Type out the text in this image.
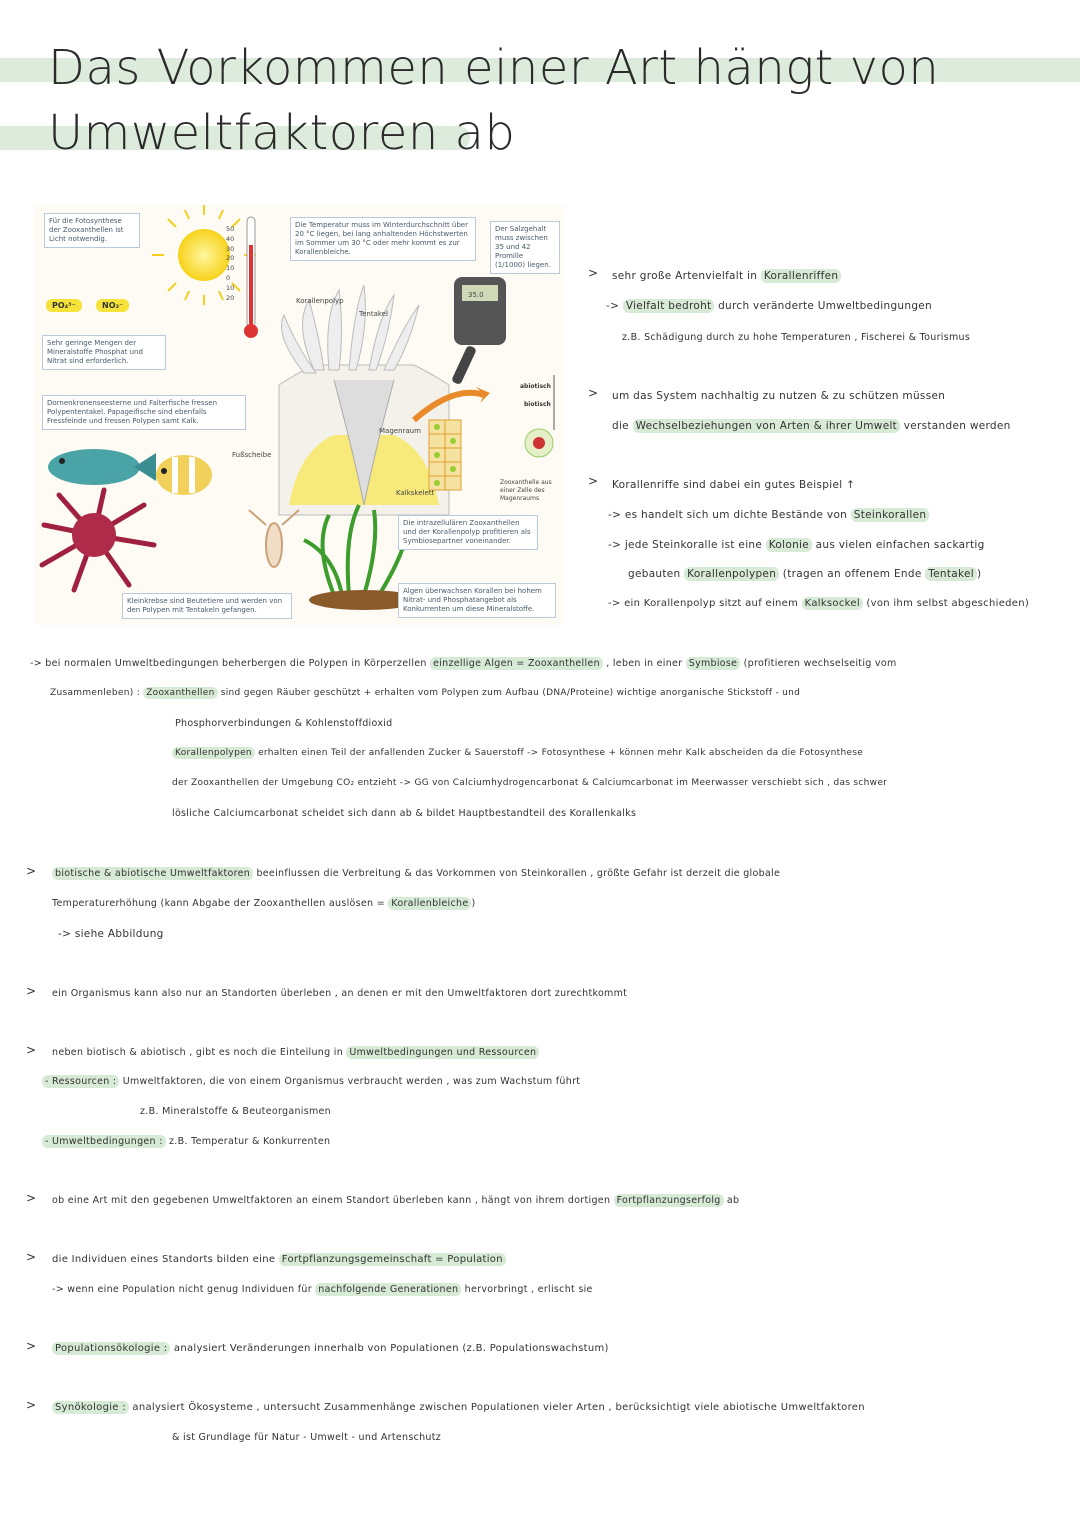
Das Vorkommen einer Art hängt von
Umweltfaktoren ab
Für die Fotosynthese der Zooxanthellen ist Licht notwendig.
50
40
30
20
10
0
10
20
Die Temperatur muss im Winterdurchschnitt über 20 °C liegen, bei lang anhaltenden Höchstwerten im Sommer um 30 °C oder mehr kommt es zur Korallenbleiche.
Der Salzgehalt muss zwischen 35 und 42 Promille (1/1000) liegen.
35.0
PO₄³⁻	NO₃⁻
Sehr geringe Mengen der Mineralstoffe Phosphat und Nitrat sind erforderlich.
Dornenkronenseesterne und Falterfische fressen Polypententakel. Papageifische sind ebenfalls Fressfeinde und fressen Polypen samt Kalk.
Korallenpolyp
Tentakel
Magenraum
Fußscheibe
Kalkskelett
abiotisch
biotisch
Zooxanthelle aus einer Zelle des Magenraums
Die intrazellulären Zooxanthellen und der Korallenpolyp profitieren als Symbiosepartner voneinander.
Kleinkrebse sind Beutetiere und werden von den Polypen mit Tentakeln gefangen.
Algen überwachsen Korallen bei hohem Nitrat- und Phosphatangebot als Konkurrenten um diese Mineralstoffe.
> sehr große Artenvielfalt in Korallenriffen
-> Vielfalt bedroht durch veränderte Umweltbedingungen
z.B. Schädigung durch zu hohe Temperaturen , Fischerei & Tourismus
> um das System nachhaltig zu nutzen & zu schützen müssen
die Wechselbeziehungen von Arten & ihrer Umwelt verstanden werden
> Korallenriffe sind dabei ein gutes Beispiel ↑
-> es handelt sich um dichte Bestände von Steinkorallen
-> jede Steinkoralle ist eine Kolonie aus vielen einfachen sackartig
gebauten Korallenpolypen (tragen an offenem Ende Tentakel )
-> ein Korallenpolyp sitzt auf einem Kalksockel (von ihm selbst abgeschieden)
-> bei normalen Umweltbedingungen beherbergen die Polypen in Körperzellen einzellige Algen = Zooxanthellen , leben in einer Symbiose (profitieren wechselseitig vom
Zusammenleben) : Zooxanthellen sind gegen Räuber geschützt + erhalten vom Polypen zum Aufbau (DNA/Proteine) wichtige anorganische Stickstoff - und
Phosphorverbindungen & Kohlenstoffdioxid
Korallenpolypen erhalten einen Teil der anfallenden Zucker & Sauerstoff -> Fotosynthese + können mehr Kalk abscheiden da die Fotosynthese
der Zooxanthellen der Umgebung CO₂ entzieht -> GG von Calciumhydrogencarbonat & Calciumcarbonat im Meerwasser verschiebt sich , das schwer
lösliche Calciumcarbonat scheidet sich dann ab & bildet Hauptbestandteil des Korallenkalks
>	biotische & abiotische Umweltfaktoren beeinflussen die Verbreitung & das Vorkommen von Steinkorallen , größte Gefahr ist derzeit die globale
Temperaturerhöhung (kann Abgabe der Zooxanthellen auslösen = Korallenbleiche )
-> siehe Abbildung
> ein Organismus kann also nur an Standorten überleben , an denen er mit den Umweltfaktoren dort zurechtkommt
> neben biotisch & abiotisch , gibt es noch die Einteilung in Umweltbedingungen und Ressourcen
- Ressourcen : Umweltfaktoren, die von einem Organismus verbraucht werden , was zum Wachstum führt
z.B. Mineralstoffe & Beuteorganismen
- Umweltbedingungen : z.B. Temperatur & Konkurrenten
> ob eine Art mit den gegebenen Umweltfaktoren an einem Standort überleben kann , hängt von ihrem dortigen Fortpflanzungserfolg ab
> die Individuen eines Standorts bilden eine Fortpflanzungsgemeinschaft = Population
-> wenn eine Population nicht genug Individuen für nachfolgende Generationen hervorbringt , erlischt sie
>	Populationsökologie : analysiert Veränderungen innerhalb von Populationen (z.B. Populationswachstum)
>	Synökologie : analysiert Ökosysteme , untersucht Zusammenhänge zwischen Populationen vieler Arten , berücksichtigt viele abiotische Umweltfaktoren
& ist Grundlage für Natur - Umwelt - und Artenschutz
